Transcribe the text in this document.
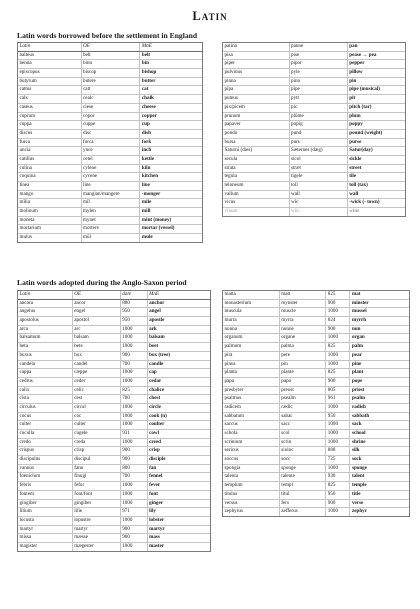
Latin
Latin words borrowed before the settlement in England
Latin words adopted during the Anglo-Saxon period
Latin	OE	MnE
balteus	belt	belt
benna	binn	bin
episcopus	biscop	bishop
butyrum	butere	butter
cattus	catt	cat
calx	cealc	chalk
caseus	ciese	cheese
cuprum	copor	copper
cuppa	cuppe	cup
discus	disc	dish
furca	forca	fork
uncia	ynce	inch
catillus	cetel	kettle
culina	cylene	kiln
coquina	cycene	kitchen
linea	line	line
mango	mangian/mangere	-monger
mīlia	mīl	mile
molinum	mylen	mill
moneta	mynet	mint (money)
mortarium	mortere	mortar (vessel)
mulus	mūl	mule
patina	panne	pan
pisa	pise	pease → pea
piper	pipor	pepper
pulvinus	pyle	pillow
pinna	pinn	pin
pīpa	pīpe	pipe (musical)
puteus	pytt	pit
pix/picem	pic	pitch (tar)
prunum	plūme	plum
papaver	popig	poppy
pondo	pund	pound (weight)
bursa	purs	purse
Saturni (dies)	Sæternes (dæg)	Satur(day)
secula	sicol	sickle
strata	stræt	street
tegula	tigele	tile
teloneum	toll	toll (tax)
vallum	wall	wall
vicus	wīc	-wick (- town)
vīnum	wīn	wine
Latin	OE	date	MnE
ancora	ancor	880	anchor
angelus	engel	950	angel
apostolus	apostol	950	apostle
arca	arc	1000	ark
balsamum	balsam	1000	balsam
beta	bete	1000	beet
buxus	box	900	box (tree)
candela	candel	700	candle
cappa	cæppe	1000	cap
cedrus	ceder	1000	cedar
calix	celic	825	chalice
cista	cest	700	chest
circulus	circul	1000	circle
cocus	coc	1000	cook (n)
culter	culter	1000	coulter
cuculla	cugele	931	cowl
credo	creda	1000	creed
crispus	crisp	900	crisp
discipulus	discipul	900	disciple
vannus	fann	800	fan
foeniclum	finugl	700	fennel
febris	fefor	1000	fever
fontem	font/font	1000	font
gingiber	gingiber	1000	ginger
lilium	lilie	971	lily
locusta	lopustre	1000	lobster
martyr	martyr	900	martyr
missa	mæsse	900	mass
magister	mægester	1000	master
matta	matt	825	mat
monasterium	mynster	900	minster
musculа	muscle	1000	mussel
murra	myrra	824	myrrh
nonna	nunne	900	nun
organum	organe	1000	organ
palmum	palma	825	palm
pira	pere	1000	pear
pinus	pin	1000	pine
planta	plante	825	plant
papa	papa	900	pope
presbyter	preost	805	priest
psalmus	psealm	961	psalm
radicem	rædic	1000	radish
sabbatum	sabat	950	sabbath
saccus	sacc	1000	sack
schola	scol	1000	school
scrinium	scrin	1000	shrine
sericus	sioloc	888	silk
soccus	socc	725	sock
spongia	sponge	1000	sponge
talenta	talente	930	talent
templum	templ	825	temple
titulus	titul	950	title
versus	fers	900	verse
zephyrus	zefferus	1000	zephyr
